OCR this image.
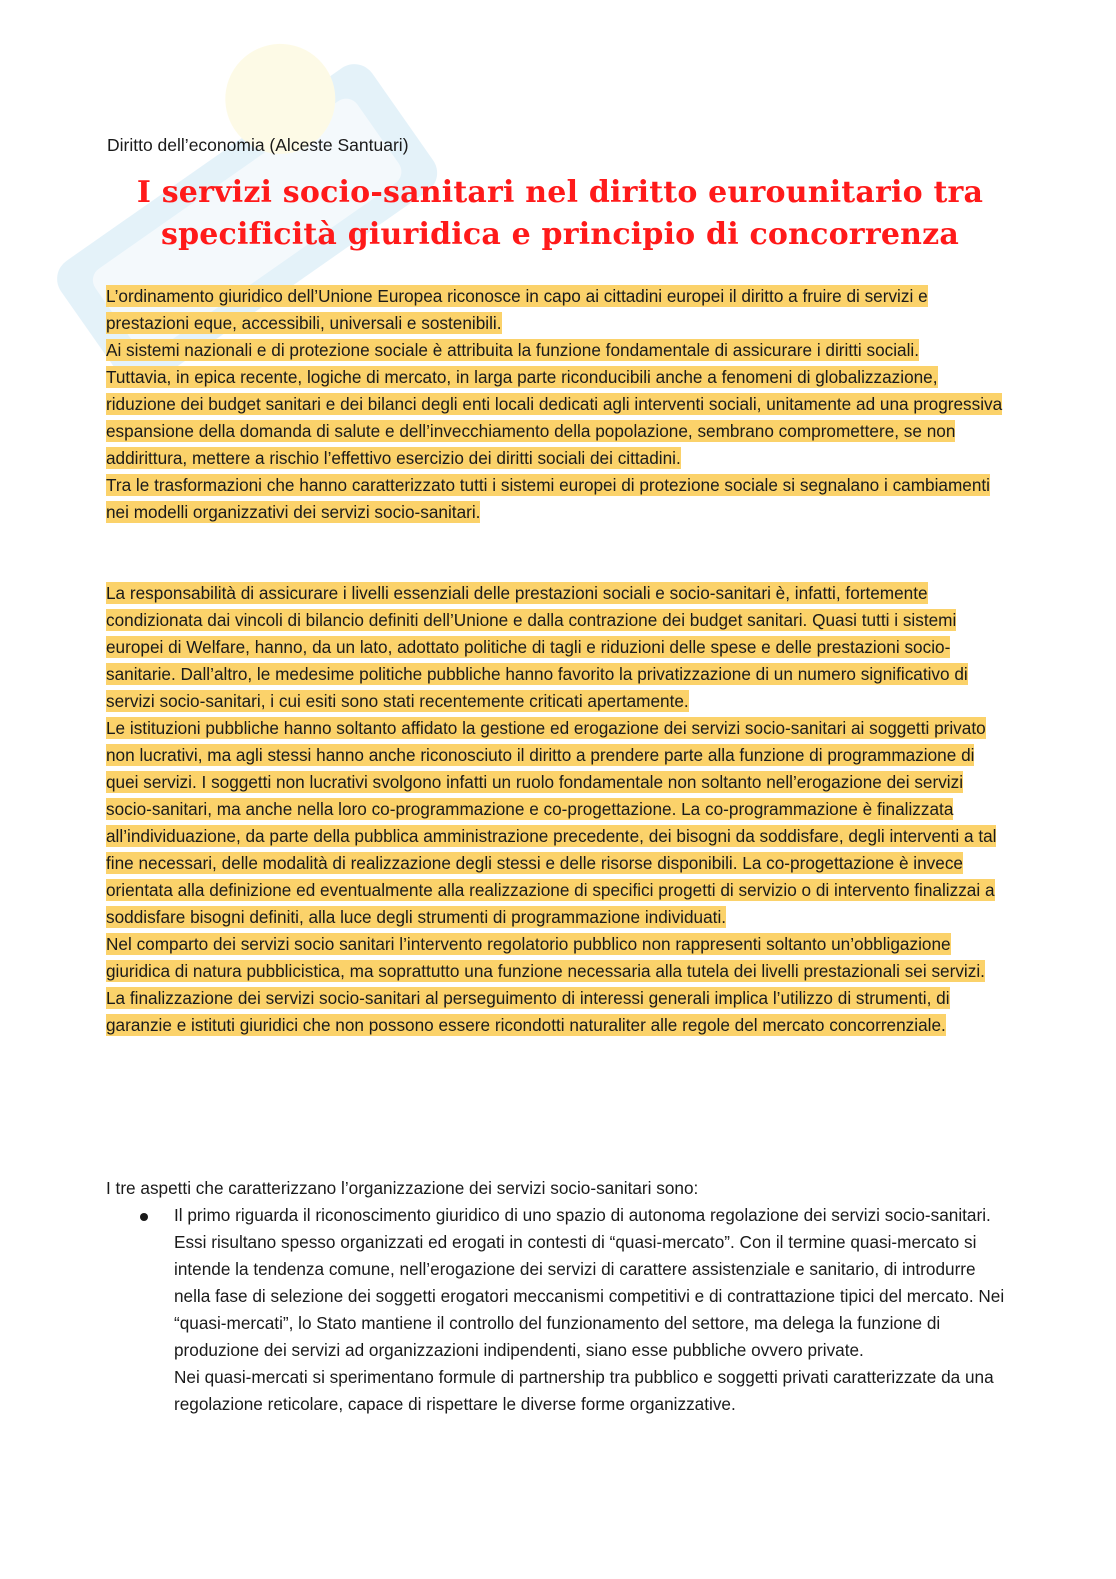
Diritto dell’economia (Alceste Santuari)
I servizi socio-sanitari nel diritto eurounitario tra
specificità giuridica e principio di concorrenza

L’ordinamento giuridico dell’Unione Europea riconosce in capo ai cittadini europei il diritto a fruire di servizi e prestazioni eque, accessibili, universali e sostenibili.

Ai sistemi nazionali e di protezione sociale è attribuita la funzione fondamentale di assicurare i diritti sociali.

Tuttavia, in epica recente, logiche di mercato, in larga parte riconducibili anche a fenomeni di globalizzazione, riduzione dei budget sanitari e dei bilanci degli enti locali dedicati agli interventi sociali, unitamente ad una progressiva espansione della domanda di salute e dell’invecchiamento della popolazione, sembrano compromettere, se non addirittura, mettere a rischio l’effettivo esercizio dei diritti sociali dei cittadini.

Tra le trasformazioni che hanno caratterizzato tutti i sistemi europei di protezione sociale si segnalano i cambiamenti nei modelli organizzativi dei servizi socio-sanitari.

La responsabilità di assicurare i livelli essenziali delle prestazioni sociali e socio-sanitari è, infatti, fortemente condizionata dai vincoli di bilancio definiti dell’Unione e dalla contrazione dei budget sanitari. Quasi tutti i sistemi europei di Welfare, hanno, da un lato, adottato politiche di tagli e riduzioni delle spese e delle prestazioni socio-sanitarie. Dall’altro, le medesime politiche pubbliche hanno favorito la privatizzazione di un numero significativo di servizi socio-sanitari, i cui esiti sono stati recentemente criticati apertamente.

Le istituzioni pubbliche hanno soltanto affidato la gestione ed erogazione dei servizi socio-sanitari ai soggetti privato non lucrativi, ma agli stessi hanno anche riconosciuto il diritto a prendere parte alla funzione di programmazione di quei servizi. I soggetti non lucrativi svolgono infatti un ruolo fondamentale non soltanto nell’erogazione dei servizi socio-sanitari, ma anche nella loro co-programmazione e co-progettazione. La co-programmazione è finalizzata all’individuazione, da parte della pubblica amministrazione precedente, dei bisogni da soddisfare, degli interventi a tal fine necessari, delle modalità di realizzazione degli stessi e delle risorse disponibili. La co-progettazione è invece orientata alla definizione ed eventualmente alla realizzazione di specifici progetti di servizio o di intervento finalizzai a soddisfare bisogni definiti, alla luce degli strumenti di programmazione individuati.

Nel comparto dei servizi socio sanitari l’intervento regolatorio pubblico non rappresenti soltanto un’obbligazione giuridica di natura pubblicistica, ma soprattutto una funzione necessaria alla tutela dei livelli prestazionali sei servizi.

La finalizzazione dei servizi socio-sanitari al perseguimento di interessi generali implica l’utilizzo di strumenti, di garanzie e istituti giuridici che non possono essere ricondotti naturaliter alle regole del mercato concorrenziale.

I tre aspetti che caratterizzano l’organizzazione dei servizi socio-sanitari sono:

Il primo riguarda il riconoscimento giuridico di uno spazio di autonoma regolazione dei servizi socio-sanitari. Essi risultano spesso organizzati ed erogati in contesti di “quasi-mercato”. Con il termine quasi-mercato si intende la tendenza comune, nell’erogazione dei servizi di carattere assistenziale e sanitario, di introdurre nella fase di selezione dei soggetti erogatori meccanismi competitivi e di contrattazione tipici del mercato. Nei “quasi-mercati”, lo Stato mantiene il controllo del funzionamento del settore, ma delega la funzione di produzione dei servizi ad organizzazioni indipendenti, siano esse pubbliche ovvero private.

Nei quasi-mercati si sperimentano formule di partnership tra pubblico e soggetti privati caratterizzate da una regolazione reticolare, capace di rispettare le diverse forme organizzative.
